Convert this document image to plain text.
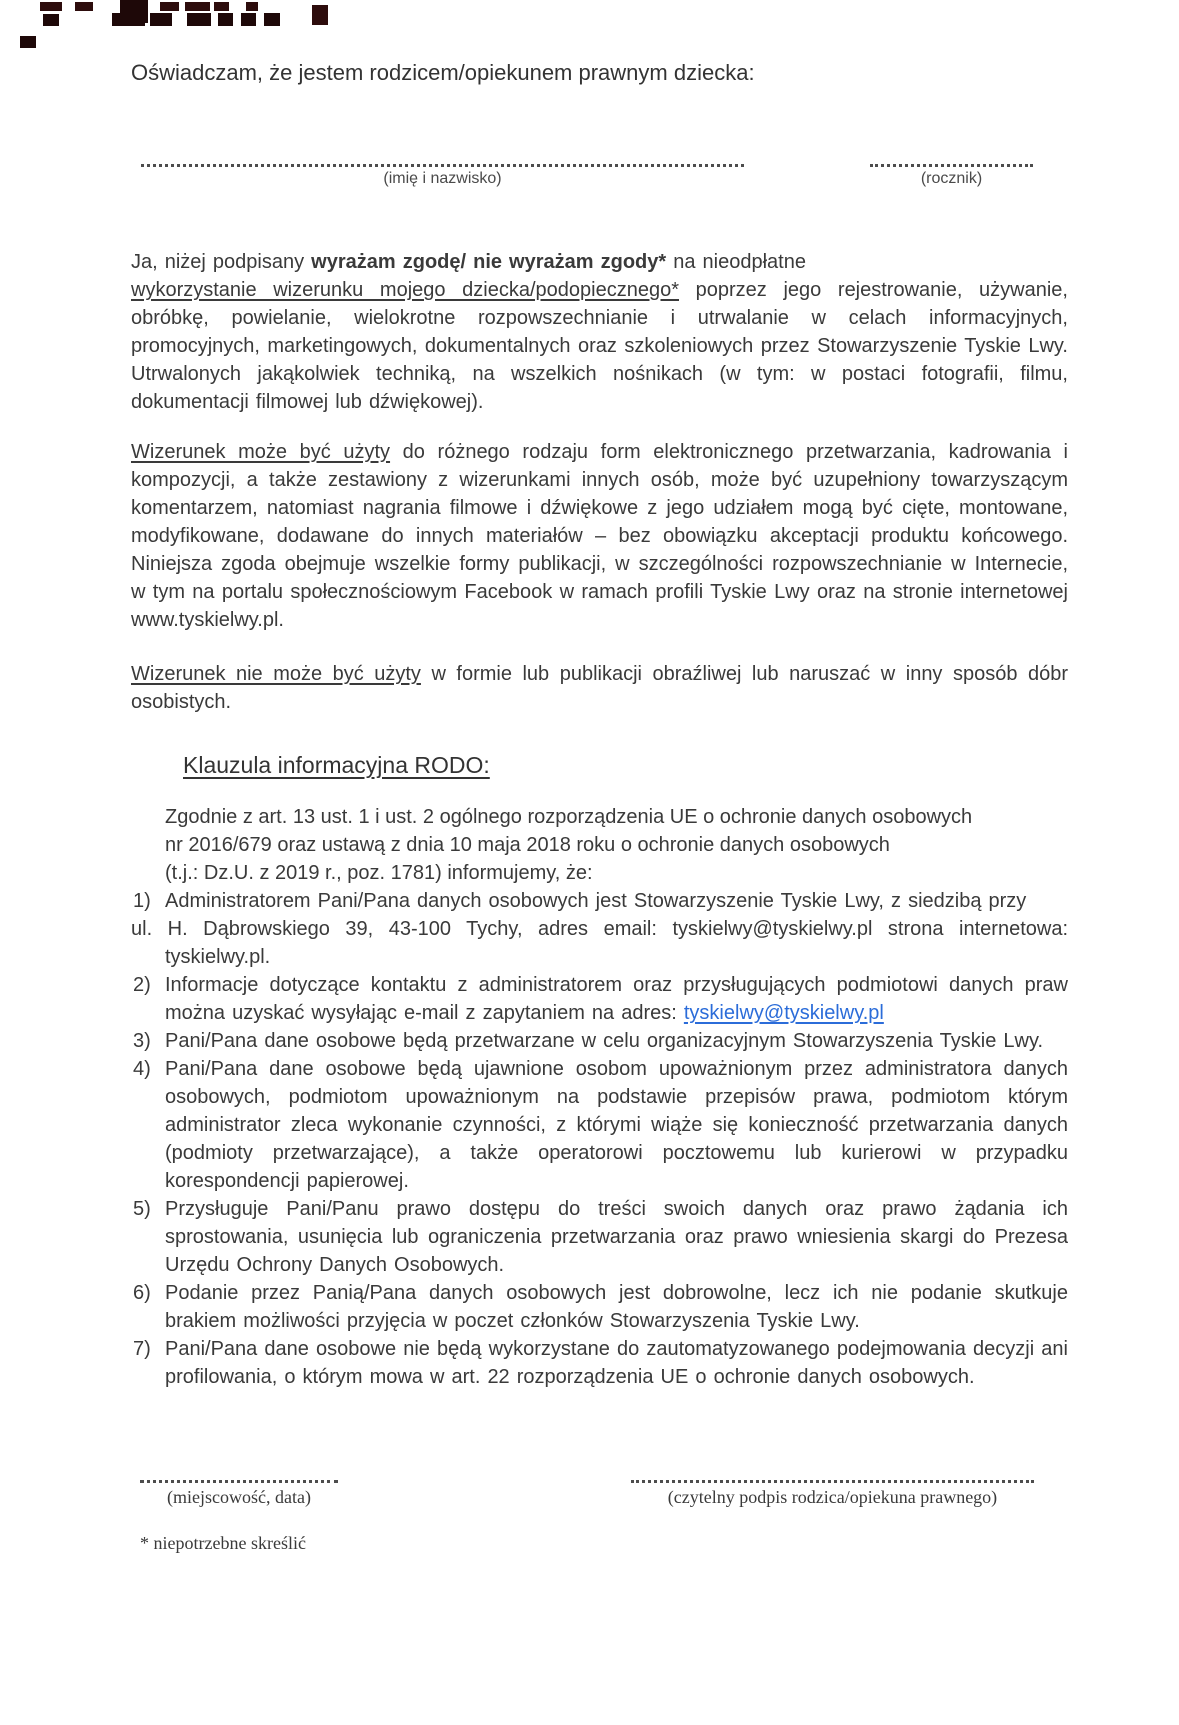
Oświadczam, że jestem rodzicem/opiekunem prawnym dziecka:
(imię i nazwisko)	(rocznik)
Ja, niżej podpisany wyrażam zgodę/ nie wyrażam zgody* na nieodpłatne
wykorzystanie wizerunku mojego dziecka/podopiecznego* poprzez jego rejestrowanie, używanie, obróbkę, powielanie, wielokrotne rozpowszechnianie i utrwalanie w celach informacyjnych, promocyjnych, marketingowych, dokumentalnych oraz szkoleniowych przez Stowarzyszenie Tyskie Lwy. Utrwalonych jakąkolwiek techniką, na wszelkich nośnikach (w tym: w postaci fotografii, filmu, dokumentacji filmowej lub dźwiękowej).
Wizerunek może być użyty do różnego rodzaju form elektronicznego przetwarzania, kadrowania i kompozycji, a także zestawiony z wizerunkami innych osób, może być uzupełniony towarzyszącym komentarzem, natomiast nagrania filmowe i dźwiękowe z jego udziałem mogą być cięte, montowane, modyfikowane, dodawane do innych materiałów – bez obowiązku akceptacji produktu końcowego. Niniejsza zgoda obejmuje wszelkie formy publikacji, w szczególności rozpowszechnianie w Internecie, w tym na portalu społecznościowym Facebook w ramach profili Tyskie Lwy oraz na stronie internetowej www.tyskielwy.pl.
Wizerunek nie może być użyty w formie lub publikacji obraźliwej lub naruszać w inny sposób dóbr osobistych.
Klauzula informacyjna RODO:
Zgodnie z art. 13 ust. 1 i ust. 2 ogólnego rozporządzenia UE o ochronie danych osobowych
nr 2016/679 oraz ustawą z dnia 10 maja 2018 roku o ochronie danych osobowych
(t.j.: Dz.U. z 2019 r., poz. 1781) informujemy, że:
1) Administratorem Pani/Pana danych osobowych jest Stowarzyszenie Tyskie Lwy, z siedzibą przy
ul. H. Dąbrowskiego 39, 43-100 Tychy, adres email: tyskielwy@tyskielwy.pl strona internetowa:
tyskielwy.pl.
2) Informacje dotyczące kontaktu z administratorem oraz przysługujących podmiotowi danych praw można uzyskać wysyłając e-mail z zapytaniem na adres: tyskielwy@tyskielwy.pl
3) Pani/Pana dane osobowe będą przetwarzane w celu organizacyjnym Stowarzyszenia Tyskie Lwy.
4) Pani/Pana dane osobowe będą ujawnione osobom upoważnionym przez administratora danych osobowych, podmiotom upoważnionym na podstawie przepisów prawa, podmiotom którym administrator zleca wykonanie czynności, z którymi wiąże się konieczność przetwarzania danych (podmioty przetwarzające), a także operatorowi pocztowemu lub kurierowi w przypadku korespondencji papierowej.
5) Przysługuje Pani/Panu prawo dostępu do treści swoich danych oraz prawo żądania ich sprostowania, usunięcia lub ograniczenia przetwarzania oraz prawo wniesienia skargi do Prezesa Urzędu Ochrony Danych Osobowych.
6) Podanie przez Panią/Pana danych osobowych jest dobrowolne, lecz ich nie podanie skutkuje brakiem możliwości przyjęcia w poczet członków Stowarzyszenia Tyskie Lwy.
7) Pani/Pana dane osobowe nie będą wykorzystane do zautomatyzowanego podejmowania decyzji ani profilowania, o którym mowa w art. 22 rozporządzenia UE o ochronie danych osobowych.
(miejscowość, data)	(czytelny podpis rodzica/opiekuna prawnego)
* niepotrzebne skreślić
